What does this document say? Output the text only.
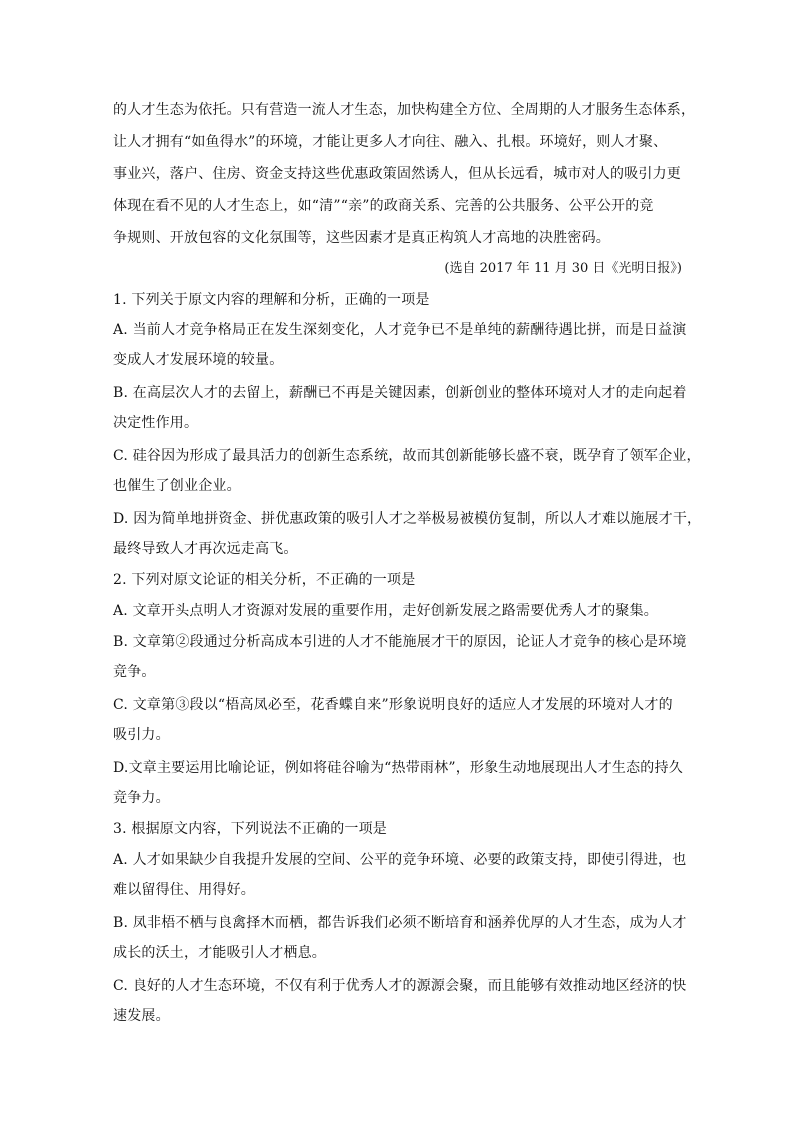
的人才生态为依托。只有营造一流人才生态，加快构建全方位、全周期的人才服务生态体系，
让人才拥有“如鱼得水”的环境，才能让更多人才向往、融入、扎根。环境好，则人才聚、
事业兴，落户、住房、资金支持这些优惠政策固然诱人，但从长远看，城市对人的吸引力更
体现在看不见的人才生态上，如“清”“亲”的政商关系、完善的公共服务、公平公开的竞
争规则、开放包容的文化氛围等，这些因素才是真正构筑人才高地的决胜密码。
(选自 2017 年 11 月 30 日《光明日报》)
1. 下列关于原文内容的理解和分析，正确的一项是
A. 当前人才竞争格局正在发生深刻变化，人才竞争已不是单纯的薪酬待遇比拼，而是日益演
变成人才发展环境的较量。
B. 在高层次人才的去留上，薪酬已不再是关键因素，创新创业的整体环境对人才的走向起着
决定性作用。
C. 硅谷因为形成了最具活力的创新生态系统，故而其创新能够长盛不衰，既孕育了领军企业，
也催生了创业企业。
D. 因为简单地拼资金、拼优惠政策的吸引人才之举极易被模仿复制，所以人才难以施展才干，
最终导致人才再次远走高飞。
2. 下列对原文论证的相关分析，不正确的一项是
A. 文章开头点明人才资源对发展的重要作用，走好创新发展之路需要优秀人才的聚集。
B. 文章第②段通过分析高成本引进的人才不能施展才干的原因，论证人才竞争的核心是环境
竞争。
C. 文章第③段以“梧高凤必至，花香蝶自来”形象说明良好的适应人才发展的环境对人才的
吸引力。
D.文章主要运用比喻论证，例如将硅谷喻为“热带雨林”，形象生动地展现出人才生态的持久
竞争力。
3. 根据原文内容，下列说法不正确的一项是
A. 人才如果缺少自我提升发展的空间、公平的竞争环境、必要的政策支持，即使引得进，也
难以留得住、用得好。
B. 凤非梧不栖与良禽择木而栖，都告诉我们必须不断培育和涵养优厚的人才生态，成为人才
成长的沃土，才能吸引人才栖息。
C. 良好的人才生态环境，不仅有利于优秀人才的源源会聚，而且能够有效推动地区经济的快
速发展。
